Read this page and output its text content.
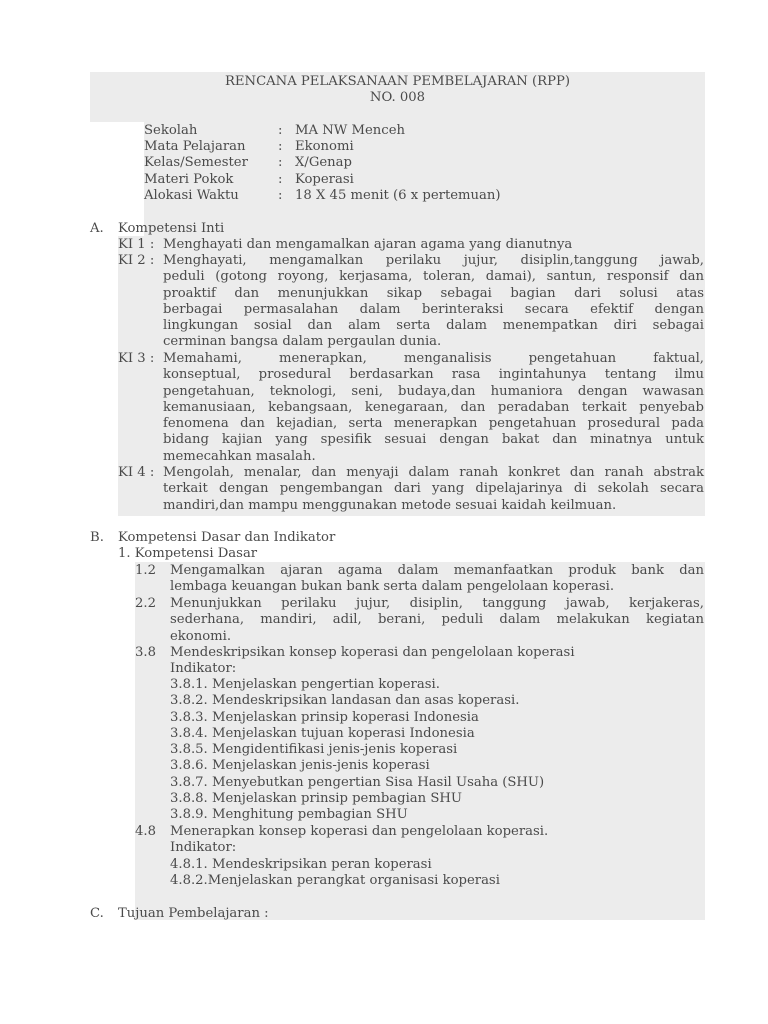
RENCANA PELAKSANAAN PEMBELAJARAN (RPP)
NO. 008
Sekolah	: MA NW Menceh
Mata Pelajaran : Ekonomi
Kelas/Semester : X/Genap
Materi Pokok	: Koperasi
Alokasi Waktu	: 18 X 45 menit (6 x pertemuan)
A. Kompetensi Inti
KI 1 : Menghayati dan mengamalkan ajaran agama yang dianutnya
KI 2 : Menghayati, mengamalkan perilaku jujur, disiplin,tanggung jawab,
peduli (gotong royong, kerjasama, toleran, damai), santun, responsif dan
proaktif dan menunjukkan sikap sebagai bagian dari solusi atas
berbagai permasalahan dalam berinteraksi secara efektif dengan
lingkungan sosial dan alam serta dalam menempatkan diri sebagai
cerminan bangsa dalam pergaulan dunia.
KI 3 : Memahami, menerapkan, menganalisis pengetahuan faktual,
konseptual, prosedural berdasarkan rasa ingintahunya tentang ilmu
pengetahuan, teknologi, seni, budaya,dan humaniora dengan wawasan
kemanusiaan, kebangsaan, kenegaraan, dan peradaban terkait penyebab
fenomena dan kejadian, serta menerapkan pengetahuan prosedural pada
bidang kajian yang spesifik sesuai dengan bakat dan minatnya untuk
memecahkan masalah.
KI 4 : Mengolah, menalar, dan menyaji dalam ranah konkret dan ranah abstrak
terkait dengan pengembangan dari yang dipelajarinya di sekolah secara
mandiri,dan mampu menggunakan metode sesuai kaidah keilmuan.
B. Kompetensi Dasar dan Indikator
1. Kompetensi Dasar
1.2 Mengamalkan ajaran agama dalam memanfaatkan produk bank dan
lembaga keuangan bukan bank serta dalam pengelolaan koperasi.
2.2 Menunjukkan perilaku jujur, disiplin, tanggung jawab, kerjakeras,
sederhana, mandiri, adil, berani, peduli dalam melakukan kegiatan
ekonomi.
3.8 Mendeskripsikan konsep koperasi dan pengelolaan koperasi
Indikator:
3.8.1. Menjelaskan pengertian koperasi.
3.8.2. Mendeskripsikan landasan dan asas koperasi.
3.8.3. Menjelaskan prinsip koperasi Indonesia
3.8.4. Menjelaskan tujuan koperasi Indonesia
3.8.5. Mengidentifikasi jenis-jenis koperasi
3.8.6. Menjelaskan jenis-jenis koperasi
3.8.7. Menyebutkan pengertian Sisa Hasil Usaha (SHU)
3.8.8. Menjelaskan prinsip pembagian SHU
3.8.9. Menghitung pembagian SHU
4.8 Menerapkan konsep koperasi dan pengelolaan koperasi.
Indikator:
4.8.1. Mendeskripsikan peran koperasi
4.8.2.Menjelaskan perangkat organisasi koperasi
C. Tujuan Pembelajaran :
